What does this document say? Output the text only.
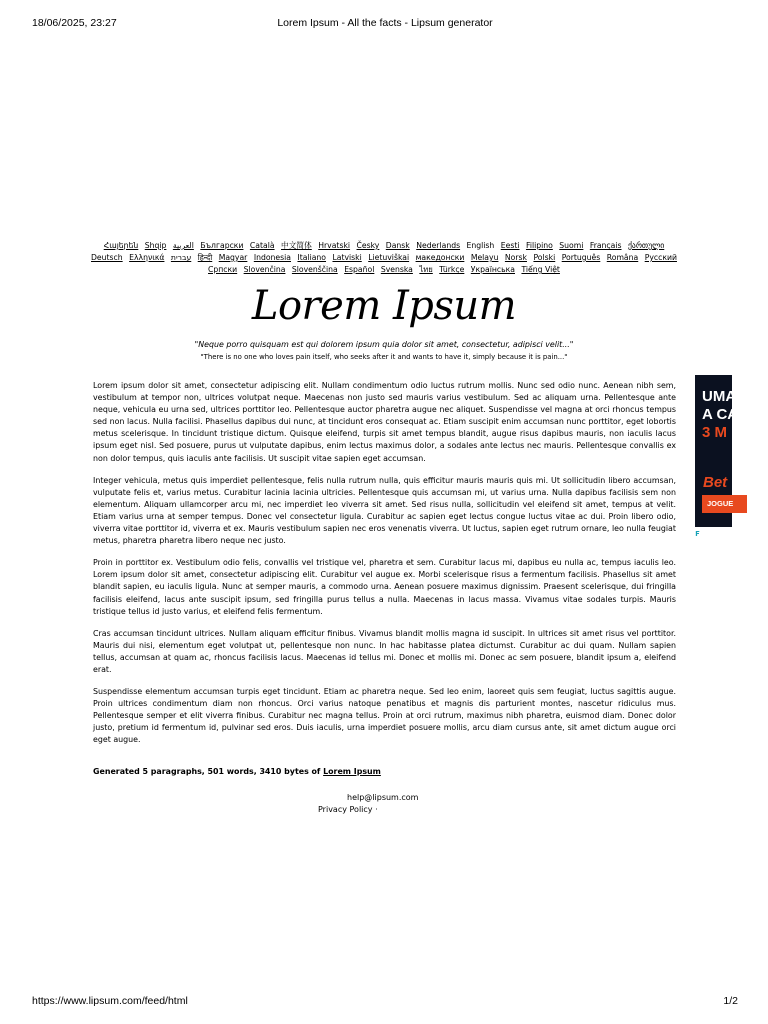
18/06/2025, 23:27	Lorem Ipsum - All the facts - Lipsum generator
Հայերեն Shqip العربية Български Català 中文简体 Hrvatski Česky Dansk Nederlands English Eesti Filipino Suomi Français ქართული Deutsch Ελληνικά עברית हिन्दी Magyar Indonesia Italiano Latviski Lietuviškai македонски Melayu Norsk Polski Português Româna Pyccкий Српски Slovenčina Slovenščina Español Svenska ไทย Türkçe Українська Tiếng Việt
Lorem Ipsum
"Neque porro quisquam est qui dolorem ipsum quia dolor sit amet, consectetur, adipisci velit..."
"There is no one who loves pain itself, who seeks after it and wants to have it, simply because it is pain..."

Lorem ipsum dolor sit amet, consectetur adipiscing elit. Nullam condimentum odio luctus rutrum mollis. Nunc sed odio nunc. Aenean nibh sem, vestibulum at tempor non, ultrices volutpat neque. Maecenas non justo sed mauris varius vestibulum. Sed ac aliquam urna. Pellentesque ante neque, vehicula eu urna sed, ultrices porttitor leo. Pellentesque auctor pharetra augue nec aliquet. Suspendisse vel magna at orci rhoncus tempus sed non lacus. Nulla facilisi. Phasellus dapibus dui nunc, at tincidunt eros consequat ac. Etiam suscipit enim accumsan nunc porttitor, eget lobortis metus scelerisque. In tincidunt tristique dictum. Quisque eleifend, turpis sit amet tempus blandit, augue risus dapibus mauris, non iaculis lacus ipsum eget nisl. Sed posuere, purus ut vulputate dapibus, enim lectus maximus dolor, a sodales ante lectus nec mauris. Pellentesque convallis ex non dolor tempus, quis iaculis ante facilisis. Ut suscipit vitae sapien eget accumsan.

Integer vehicula, metus quis imperdiet pellentesque, felis nulla rutrum nulla, quis efficitur mauris mauris quis mi. Ut sollicitudin libero accumsan, vulputate felis et, varius metus. Curabitur lacinia lacinia ultricies. Pellentesque quis accumsan mi, ut varius urna. Nulla dapibus facilisis sem non elementum. Aliquam ullamcorper arcu mi, nec imperdiet leo viverra sit amet. Sed risus nulla, sollicitudin vel eleifend sit amet, tempus at velit. Etiam varius urna at semper tempus. Donec vel consectetur ligula. Curabitur ac sapien eget lectus congue luctus vitae ac dui. Proin libero odio, viverra vitae porttitor id, viverra et ex. Mauris vestibulum sapien nec eros venenatis viverra. Ut luctus, sapien eget rutrum ornare, leo nulla feugiat metus, pharetra pharetra libero neque nec justo.

Proin in porttitor ex. Vestibulum odio felis, convallis vel tristique vel, pharetra et sem. Curabitur lacus mi, dapibus eu nulla ac, tempus iaculis leo. Lorem ipsum dolor sit amet, consectetur adipiscing elit. Curabitur vel augue ex. Morbi scelerisque risus a fermentum facilisis. Phasellus sit amet blandit sapien, eu iaculis ligula. Nunc at semper mauris, a commodo urna. Aenean posuere maximus dignissim. Praesent scelerisque, dui fringilla facilisis eleifend, lacus ante suscipit ipsum, sed fringilla purus tellus a nulla. Maecenas in lacus massa. Vivamus vitae sodales turpis. Mauris tristique tellus id justo varius, et eleifend felis fermentum.

Cras accumsan tincidunt ultrices. Nullam aliquam efficitur finibus. Vivamus blandit mollis magna id suscipit. In ultrices sit amet risus vel porttitor. Mauris dui nisi, elementum eget volutpat ut, pellentesque non nunc. In hac habitasse platea dictumst. Curabitur ac dui quam. Nullam sapien tellus, accumsan at quam ac, rhoncus facilisis lacus. Maecenas id tellus mi. Donec et mollis mi. Donec ac sem posuere, blandit ipsum a, eleifend erat.

Suspendisse elementum accumsan turpis eget tincidunt. Etiam ac pharetra neque. Sed leo enim, laoreet quis sem feugiat, luctus sagittis augue. Proin ultrices condimentum diam non rhoncus. Orci varius natoque penatibus et magnis dis parturient montes, nascetur ridiculus mus. Pellentesque semper et elit viverra finibus. Curabitur nec magna tellus. Proin at orci rutrum, maximus nibh pharetra, euismod diam. Donec dolor justo, pretium id fermentum id, pulvinar sed eros. Duis iaculis, urna imperdiet posuere mollis, arcu diam cursus ante, sit amet dictum augue orci eget augue.

Generated 5 paragraphs, 501 words, 3410 bytes of Lorem Ipsum
help@lipsum.com
Privacy Policy ·
UMA
A CA
3 M
Bet
JOGUE
ꜰ
https://www.lipsum.com/feed/html	1/2
